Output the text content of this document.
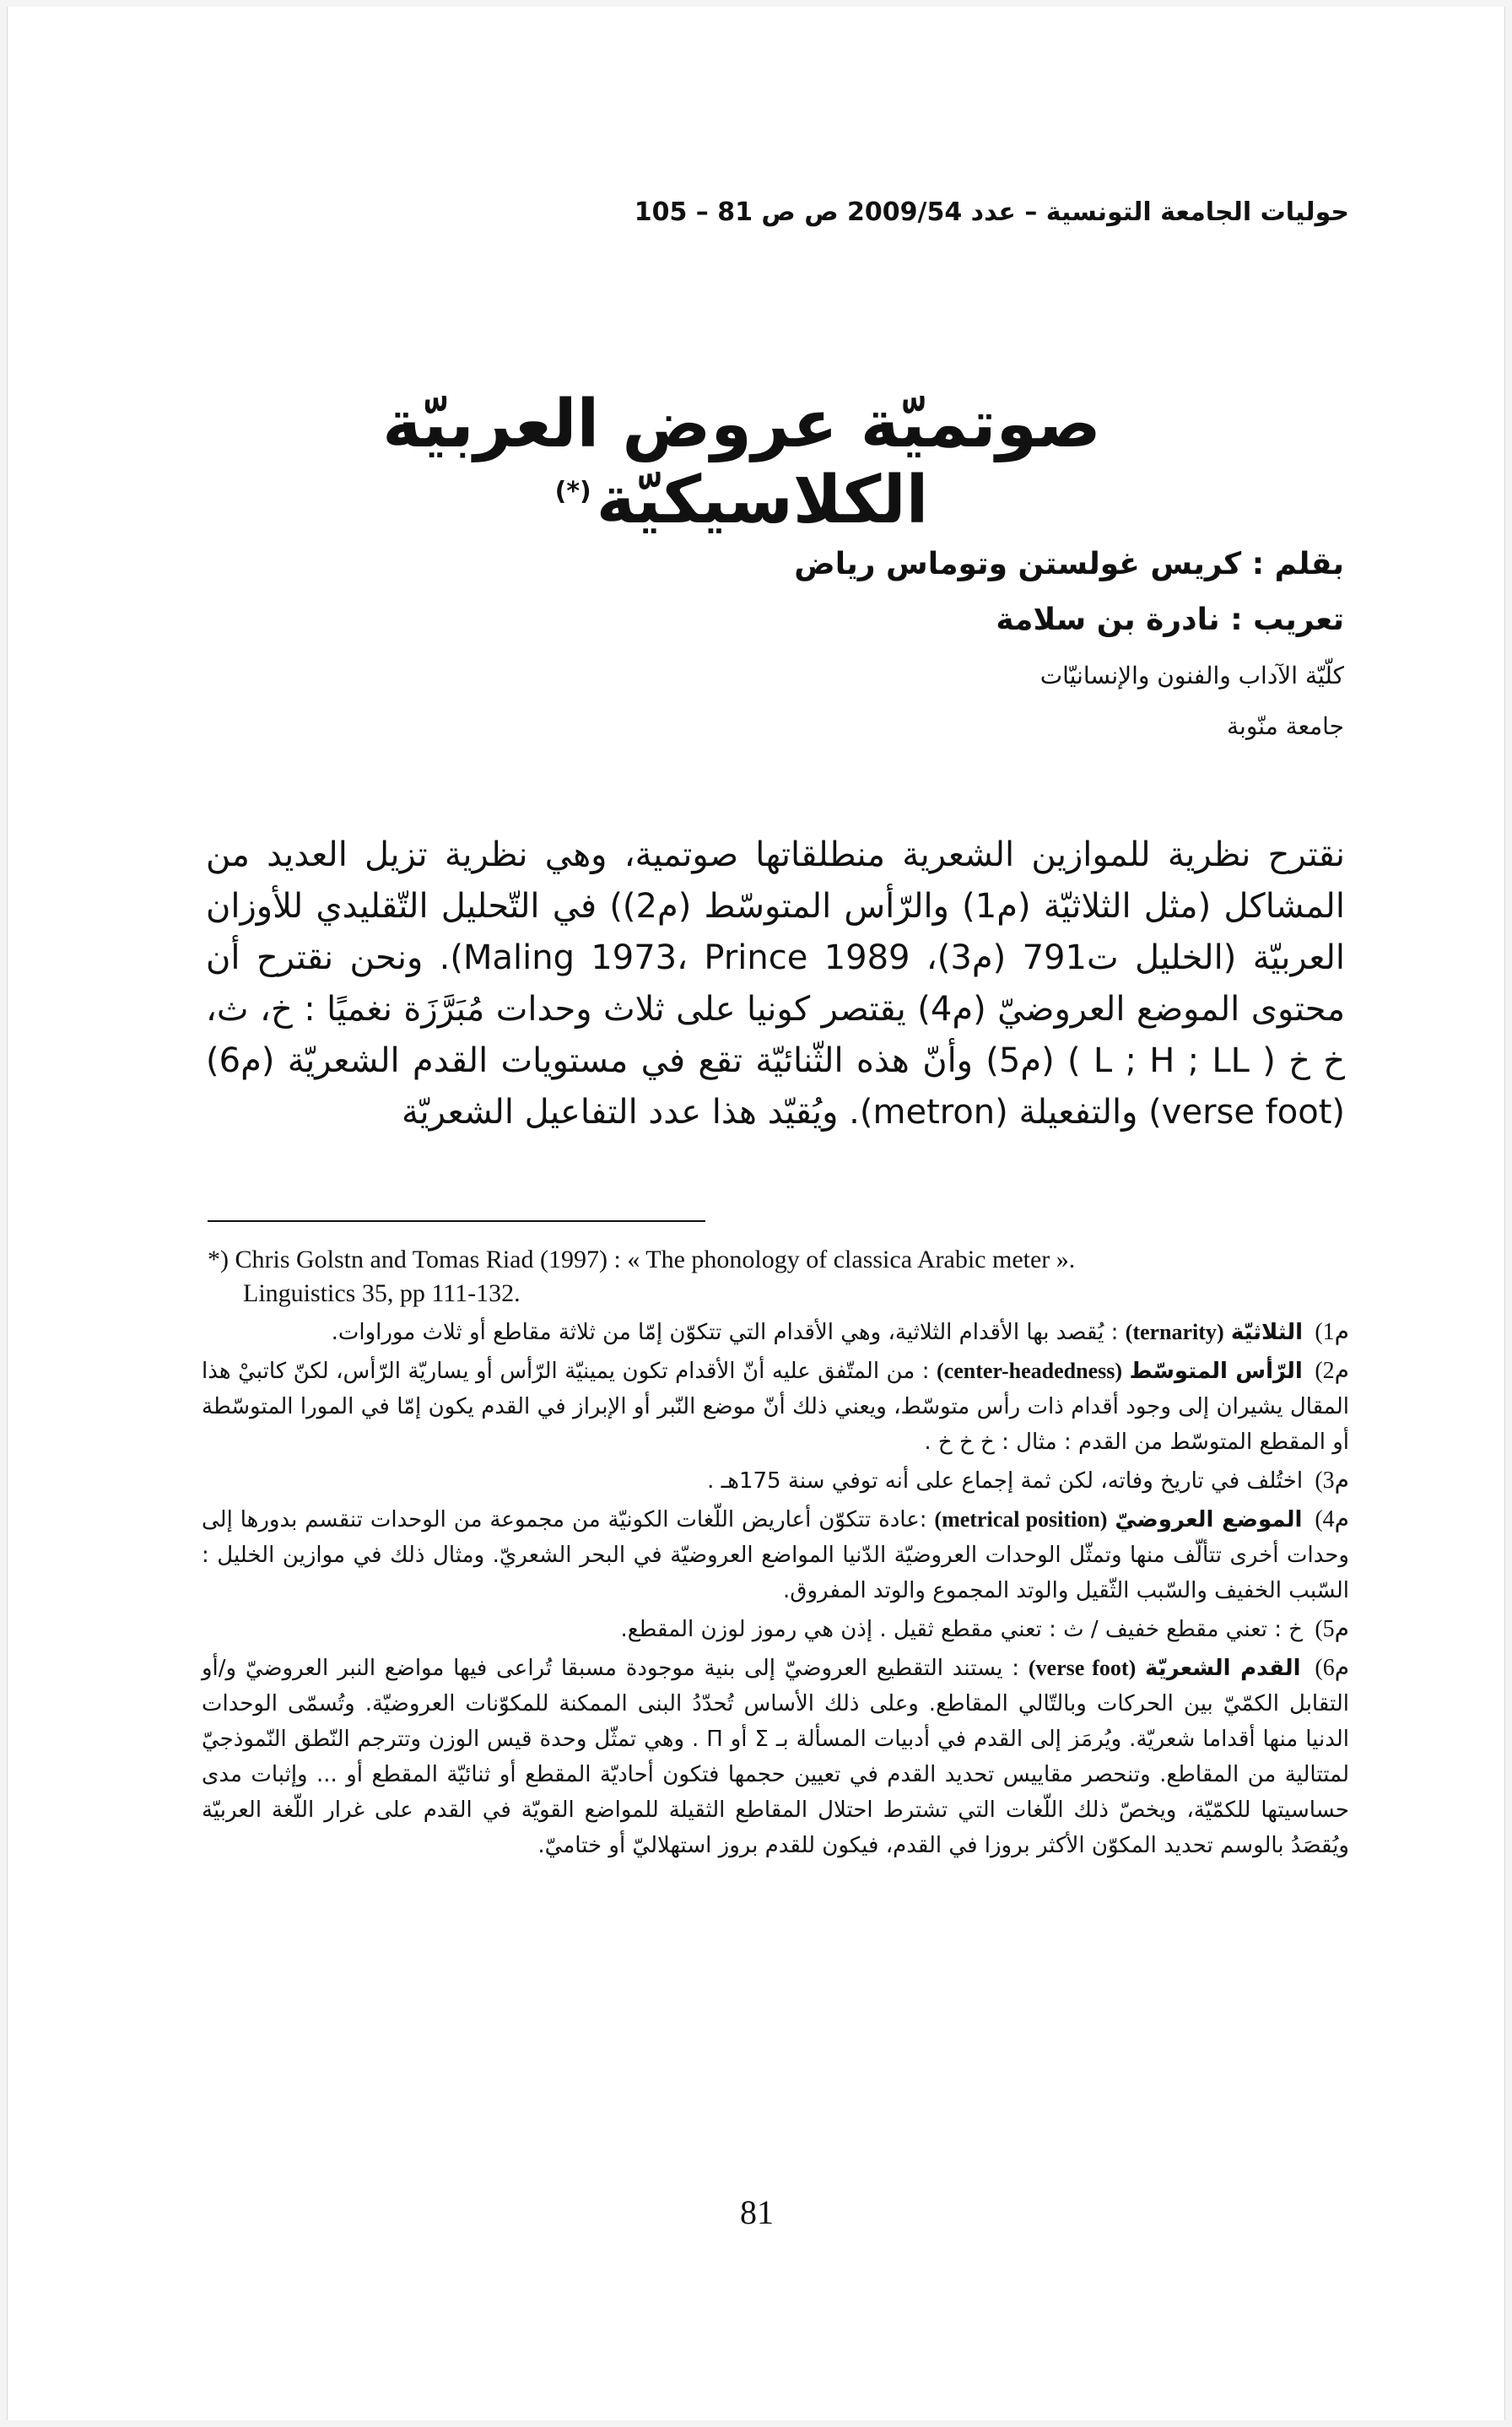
حوليات الجامعة التونسية – عدد 2009/54 ص ص 81 – 105
صوتميّة عروض العربيّة الكلاسيكيّة(*)
بقلم : كريس غولستن وتوماس رياض
تعريب : نادرة بن سلامة
كلّيّة الآداب والفنون والإنسانيّات
جامعة منّوبة

نقترح نظرية للموازين الشعرية منطلقاتها صوتمية، وهي نظرية تزيل العديد من المشاكل (مثل الثلاثيّة (م1) والرّأس المتوسّط (م2)) في التّحليل التّقليدي للأوزان العربيّة (الخليل ت791 (م3)، Maling 1973، Prince 1989). ونحن نقترح أن محتوى الموضع العروضيّ (م4) يقتصر كونيا على ثلاث وحدات مُبَرَّزَة نغميًا : خ، ث، خ خ ( L ; H ; LL ) (م5) وأنّ هذه الثّنائيّة تقع في مستويات القدم الشعريّة (م6) (verse foot) والتفعيلة (metron). ويُقيّد هذا عدد التفاعيل الشعريّة

*) Chris Golstn and Tomas Riad (1997) : « The phonology of classica Arabic meter ».
Linguistics 35, pp 111-132.

م1) الثلاثيّة (ternarity) : يُقصد بها الأقدام الثلاثية، وهي الأقدام التي تتكوّن إمّا من ثلاثة مقاطع أو ثلاث موراوات.

م2) الرّأس المتوسّط (center-headedness) : من المتّفق عليه أنّ الأقدام تكون يمينيّة الرّأس أو يساريّة الرّأس، لكنّ كاتبيْ هذا المقال يشيران إلى وجود أقدام ذات رأس متوسّط، ويعني ذلك أنّ موضع النّبر أو الإبراز في القدم يكون إمّا في المورا المتوسّطة أو المقطع المتوسّط من القدم : مثال : خ خ خ .

م3) اختُلف في تاريخ وفاته، لكن ثمة إجماع على أنه توفي سنة 175هـ .

م4) الموضع العروضيّ (metrical position) :عادة تتكوّن أعاريض اللّغات الكونيّة من مجموعة من الوحدات تنقسم بدورها إلى وحدات أخرى تتألّف منها وتمثّل الوحدات العروضيّة الدّنيا المواضع العروضيّة في البحر الشعريّ. ومثال ذلك في موازين الخليل : السّبب الخفيف والسّبب الثّقيل والوتد المجموع والوتد المفروق.

م5) خ : تعني مقطع خفيف / ث : تعني مقطع ثقيل . إذن هي رموز لوزن المقطع.

م6) القدم الشعريّة (verse foot) : يستند التقطيع العروضيّ إلى بنية موجودة مسبقا تُراعى فيها مواضع النبر العروضيّ و/أو التقابل الكمّيّ بين الحركات وبالتّالي المقاطع. وعلى ذلك الأساس تُحدّدُ البنى الممكنة للمكوّنات العروضيّة. وتُسمّى الوحدات الدنيا منها أقداما شعريّة. ويُرمَز إلى القدم في أدبيات المسألة بـ Σ أو Π . وهي تمثّل وحدة قيس الوزن وتترجم النّطق النّموذجيّ لمتتالية من المقاطع. وتنحصر مقاييس تحديد القدم في تعيين حجمها فتكون أحاديّة المقطع أو ثنائيّة المقطع أو ... وإثبات مدى حساسيتها للكمّيّة، ويخصّ ذلك اللّغات التي تشترط احتلال المقاطع الثقيلة للمواضع القويّة في القدم على غرار اللّغة العربيّة ويُقصَدُ بالوسم تحديد المكوّن الأكثر بروزا في القدم، فيكون للقدم بروز استهلاليّ أو ختاميّ.

81
